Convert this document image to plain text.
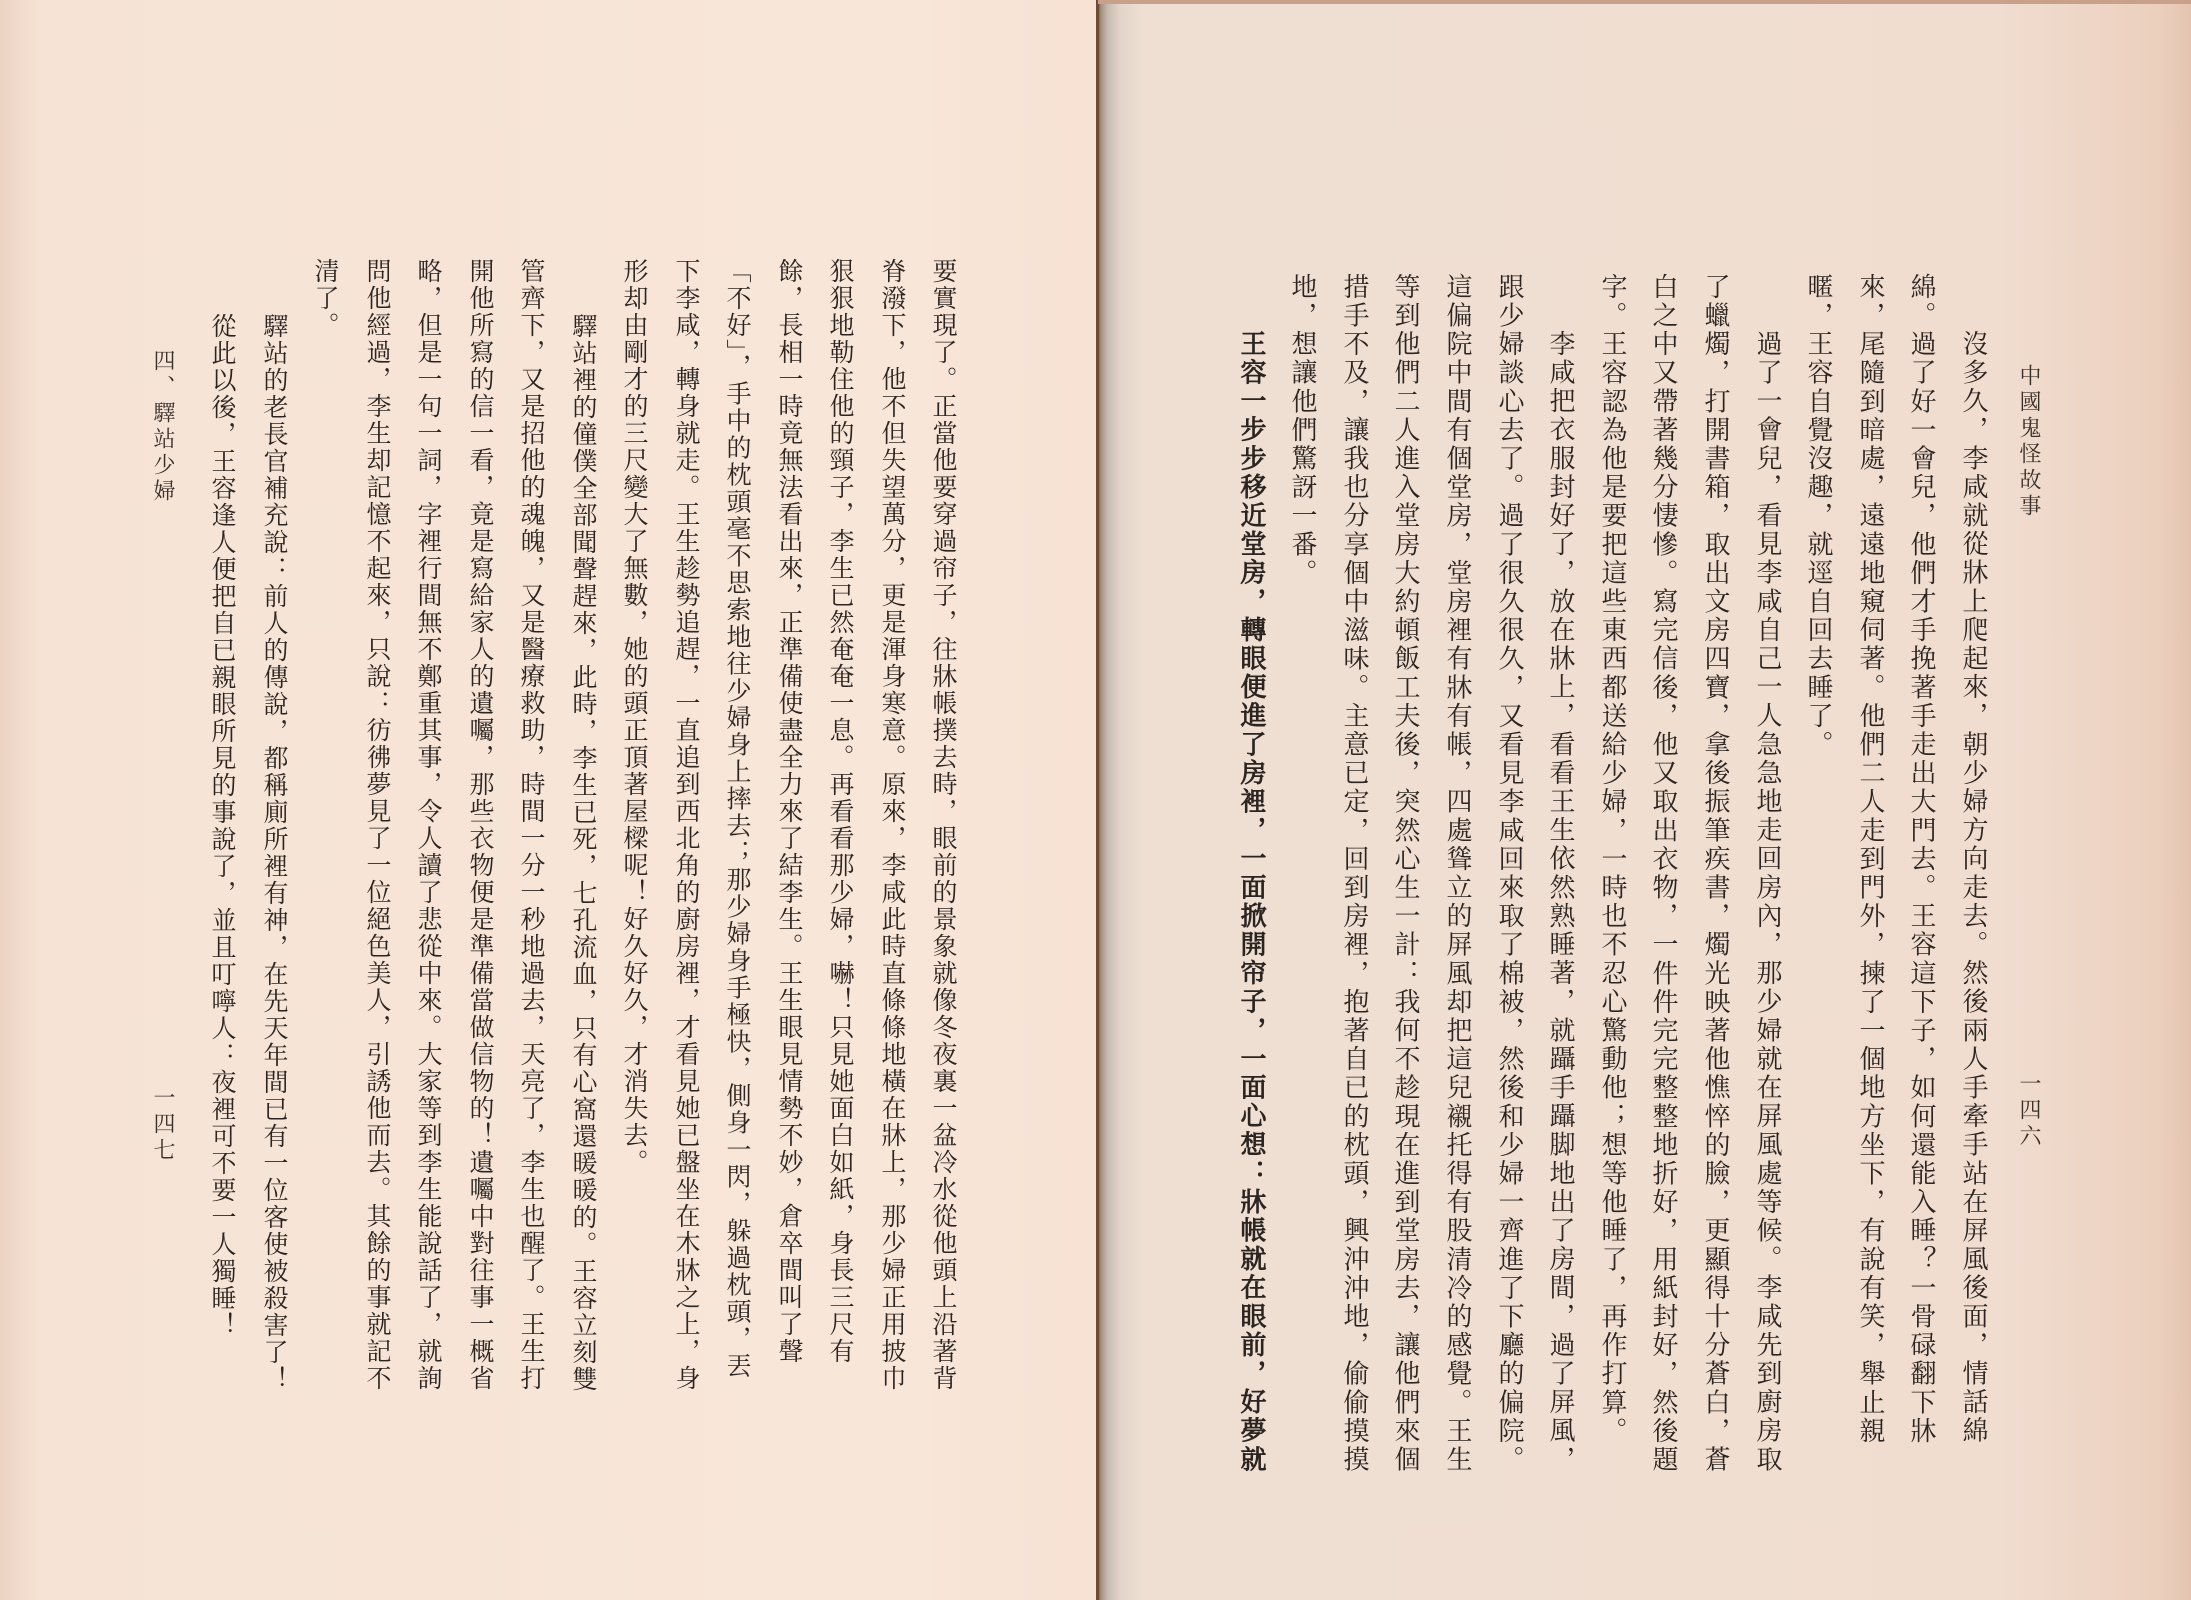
要實現了。正當他要穿過帘子，往牀帳撲去時，眼前的景象就像冬夜裏一盆冷水從他頭上沿著背
脊潑下，他不但失望萬分，更是渾身寒意。原來，李咸此時直條條地橫在牀上，那少婦正用披巾
狠狠地勒住他的頸子，李生已然奄奄一息。再看看那少婦，嚇！只見她面白如紙，身長三尺有
餘，長相一時竟無法看出來，正準備使盡全力來了結李生。王生眼見情勢不妙，倉卒間叫了聲
「不好」，手中的枕頭毫不思索地往少婦身上摔去；那少婦身手極快，側身一閃，躲過枕頭，丟
下李咸，轉身就走。王生趁勢追趕，一直追到西北角的廚房裡，才看見她已盤坐在木牀之上，身
形却由剛才的三尺變大了無數，她的頭正頂著屋樑呢！好久好久，才消失去。
驛站裡的僮僕全部聞聲趕來，此時，李生已死，七孔流血，只有心窩還暖暖的。王容立刻雙
管齊下，又是招他的魂魄，又是醫療救助，時間一分一秒地過去，天亮了，李生也醒了。王生打
開他所寫的信一看，竟是寫給家人的遺囑，那些衣物便是準備當做信物的！遺囑中對往事一概省
略，但是一句一詞，字裡行間無不鄭重其事，令人讀了悲從中來。大家等到李生能說話了，就詢
問他經過，李生却記憶不起來，只說：彷彿夢見了一位絕色美人，引誘他而去。其餘的事就記不
清了。
驛站的老長官補充說：前人的傳說，都稱廁所裡有神，在先天年間已有一位客使被殺害了！
從此以後，王容逢人便把自已親眼所見的事說了，並且叮嚀人：夜裡可不要一人獨睡！
四、驛站少婦
一四七
中國鬼怪故事
一四六
沒多久，李咸就從牀上爬起來，朝少婦方向走去。然後兩人手牽手站在屏風後面，情話綿
綿。過了好一會兒，他們才手挽著手走出大門去。王容這下子，如何還能入睡？一骨碌翻下牀
來，尾隨到暗處，遠遠地窺伺著。他們二人走到門外，揀了一個地方坐下，有說有笑，舉止親
暱，王容自覺沒趣，就逕自回去睡了。
過了一會兒，看見李咸自己一人急急地走回房內，那少婦就在屏風處等候。李咸先到廚房取
了蠟燭，打開書箱，取出文房四寶，拿後振筆疾書，燭光映著他憔悴的臉，更顯得十分蒼白，蒼
白之中又帶著幾分悽慘。寫完信後，他又取出衣物，一件件完完整整地折好，用紙封好，然後題
字。王容認為他是要把這些東西都送給少婦，一時也不忍心驚動他；想等他睡了，再作打算。
李咸把衣服封好了，放在牀上，看看王生依然熟睡著，就躡手躡脚地出了房間，過了屏風，
跟少婦談心去了。過了很久很久，又看見李咸回來取了棉被，然後和少婦一齊進了下廳的偏院。
這偏院中間有個堂房，堂房裡有牀有帳，四處聳立的屏風却把這兒襯托得有股清冷的感覺。王生
等到他們二人進入堂房大約頓飯工夫後，突然心生一計：我何不趁現在進到堂房去，讓他們來個
措手不及，讓我也分享個中滋味。主意已定，回到房裡，抱著自已的枕頭，興沖沖地，偷偷摸摸
地，想讓他們驚訝一番。
王容一步步移近堂房，轉眼便進了房裡，一面掀開帘子，一面心想：牀帳就在眼前，好夢就
